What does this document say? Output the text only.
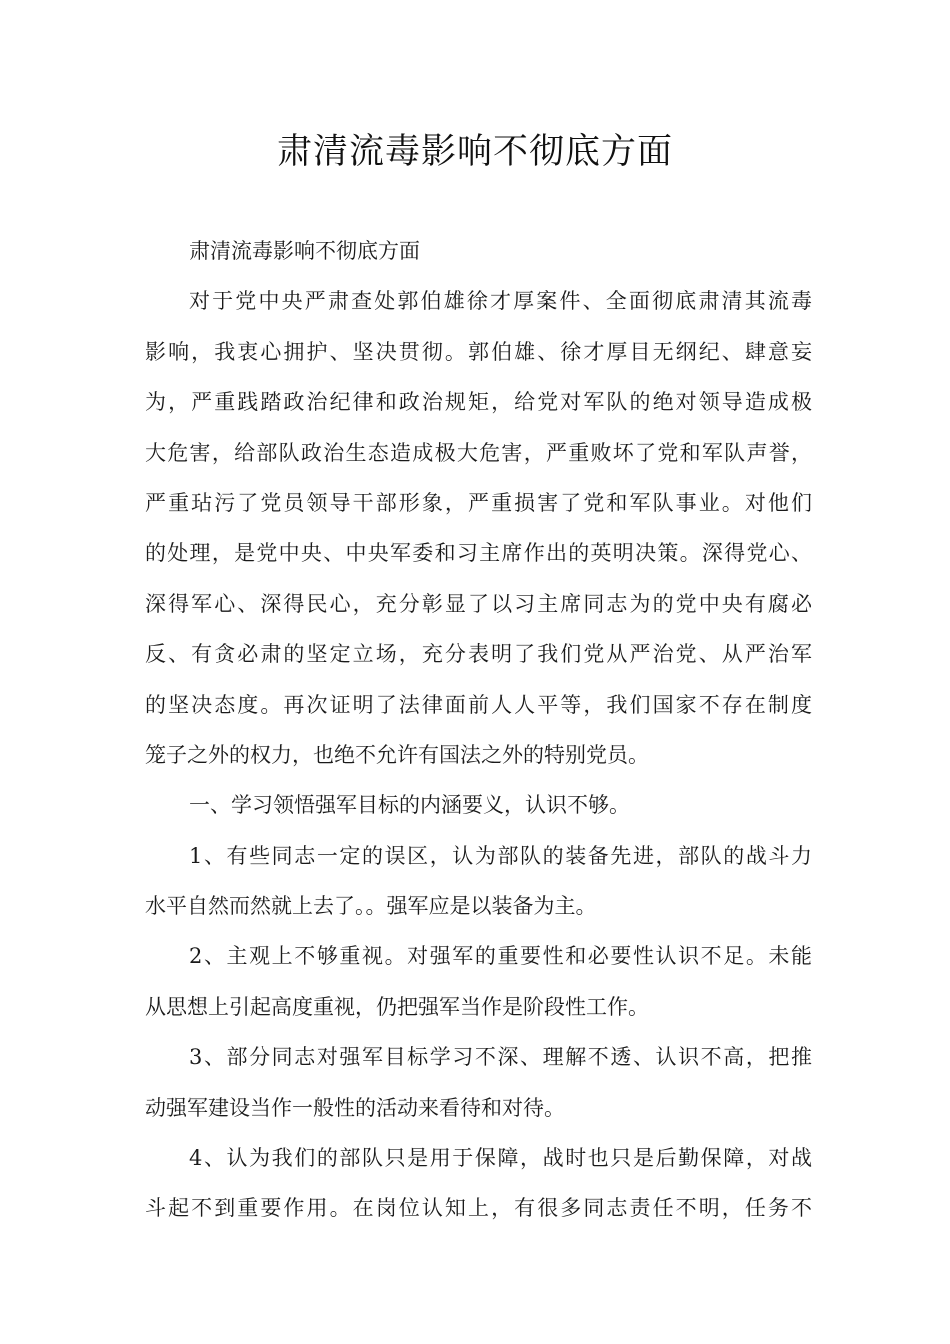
肃清流毒影响不彻底方面
肃清流毒影响不彻底方面
对于党中央严肃查处郭伯雄徐才厚案件、全面彻底肃清其流毒
影响，我衷心拥护、坚决贯彻。郭伯雄、徐才厚目无纲纪、肆意妄
为，严重践踏政治纪律和政治规矩，给党对军队的绝对领导造成极
大危害，给部队政治生态造成极大危害，严重败坏了党和军队声誉，
严重玷污了党员领导干部形象，严重损害了党和军队事业。对他们
的处理，是党中央、中央军委和习主席作出的英明决策。深得党心、
深得军心、深得民心，充分彰显了以习主席同志为的党中央有腐必
反、有贪必肃的坚定立场，充分表明了我们党从严治党、从严治军
的坚决态度。再次证明了法律面前人人平等，我们国家不存在制度
笼子之外的权力，也绝不允许有国法之外的特别党员。
一、学习领悟强军目标的内涵要义，认识不够。
1、有些同志一定的误区，认为部队的装备先进，部队的战斗力
水平自然而然就上去了。。强军应是以装备为主。
2、主观上不够重视。对强军的重要性和必要性认识不足。未能
从思想上引起高度重视，仍把强军当作是阶段性工作。
3、部分同志对强军目标学习不深、理解不透、认识不高，把推
动强军建设当作一般性的活动来看待和对待。
4、认为我们的部队只是用于保障，战时也只是后勤保障，对战
斗起不到重要作用。在岗位认知上，有很多同志责任不明，任务不
